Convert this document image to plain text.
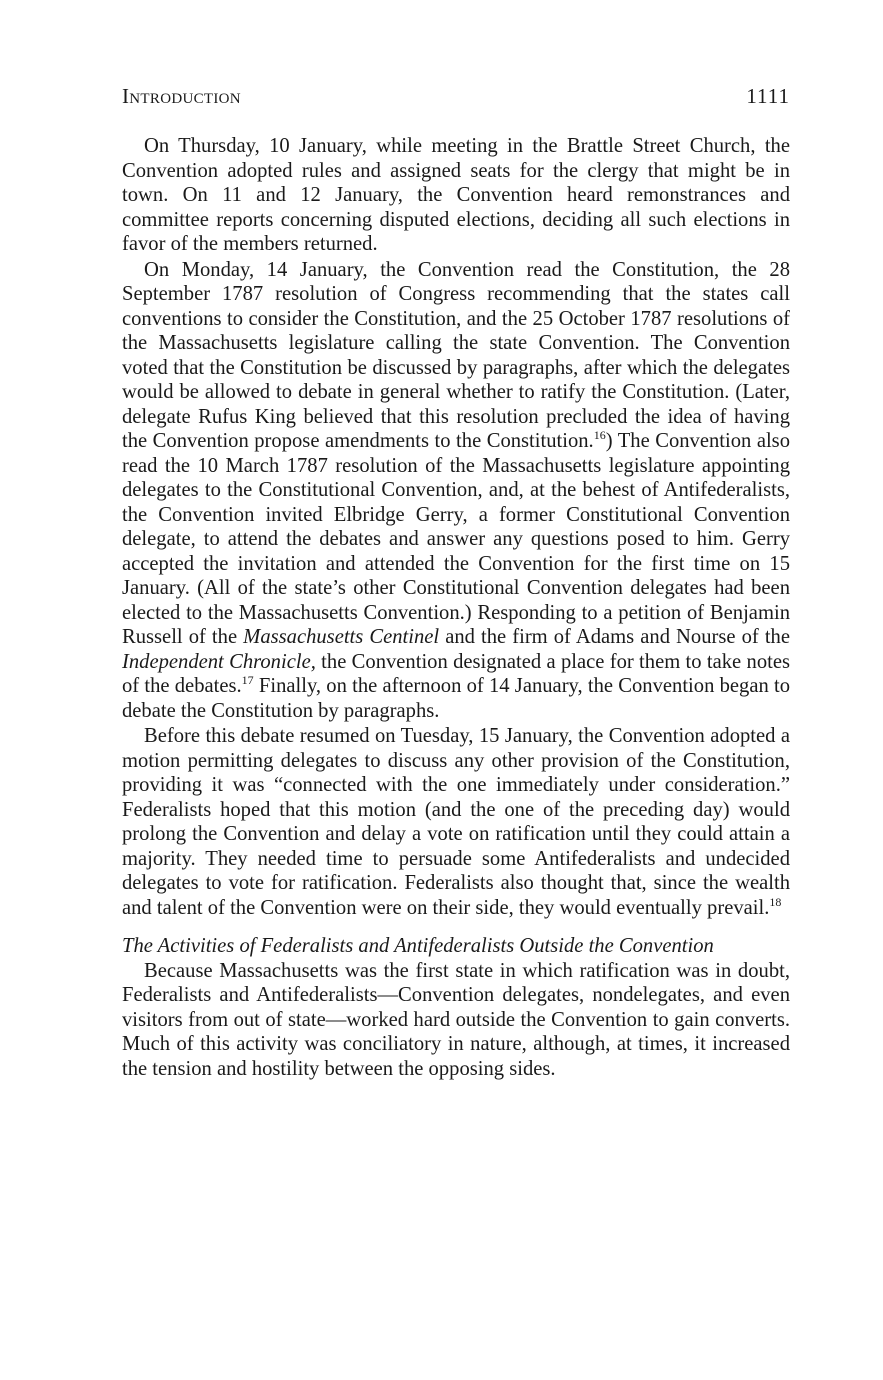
Introduction	1111

On Thursday, 10 January, while meeting in the Brattle Street Church, the Convention adopted rules and assigned seats for the clergy that might be in town. On 11 and 12 January, the Convention heard remonstrances and committee reports concerning disputed elections, deciding all such elections in favor of the members returned.

On Monday, 14 January, the Convention read the Constitution, the 28 September 1787 resolution of Congress recommending that the states call conventions to consider the Constitution, and the 25 October 1787 resolutions of the Massachusetts legislature calling the state Convention. The Convention voted that the Constitution be discussed by paragraphs, after which the delegates would be allowed to debate in general whether to ratify the Constitution. (Later, delegate Rufus King believed that this resolution precluded the idea of having the Convention propose amendments to the Constitution.$^{16}$) The Convention also read the 10 March 1787 resolution of the Massachusetts legislature appointing delegates to the Constitutional Convention, and, at the behest of Antifederalists, the Convention invited Elbridge Gerry, a former Constitutional Convention delegate, to attend the debates and answer any questions posed to him. Gerry accepted the invitation and attended the Convention for the first time on 15 January. (All of the state’s other Constitutional Convention delegates had been elected to the Massachusetts Convention.) Responding to a petition of Benjamin Russell of the Massachusetts Centinel and the firm of Adams and Nourse of the Independent Chronicle, the Convention designated a place for them to take notes of the debates.$^{17}$ Finally, on the afternoon of 14 January, the Convention began to debate the Constitution by paragraphs.

Before this debate resumed on Tuesday, 15 January, the Convention adopted a motion permitting delegates to discuss any other provision of the Constitution, providing it was “connected with the one immediately under consideration.” Federalists hoped that this motion (and the one of the preceding day) would prolong the Convention and delay a vote on ratification until they could attain a majority. They needed time to persuade some Antifederalists and undecided delegates to vote for ratification. Federalists also thought that, since the wealth and talent of the Convention were on their side, they would eventually prevail.$^{18}$

The Activities of Federalists and Antifederalists Outside the Convention

Because Massachusetts was the first state in which ratification was in doubt, Federalists and Antifederalists—Convention delegates, nondelegates, and even visitors from out of state—worked hard outside the Convention to gain converts. Much of this activity was conciliatory in nature, although, at times, it increased the tension and hostility between the opposing sides.
